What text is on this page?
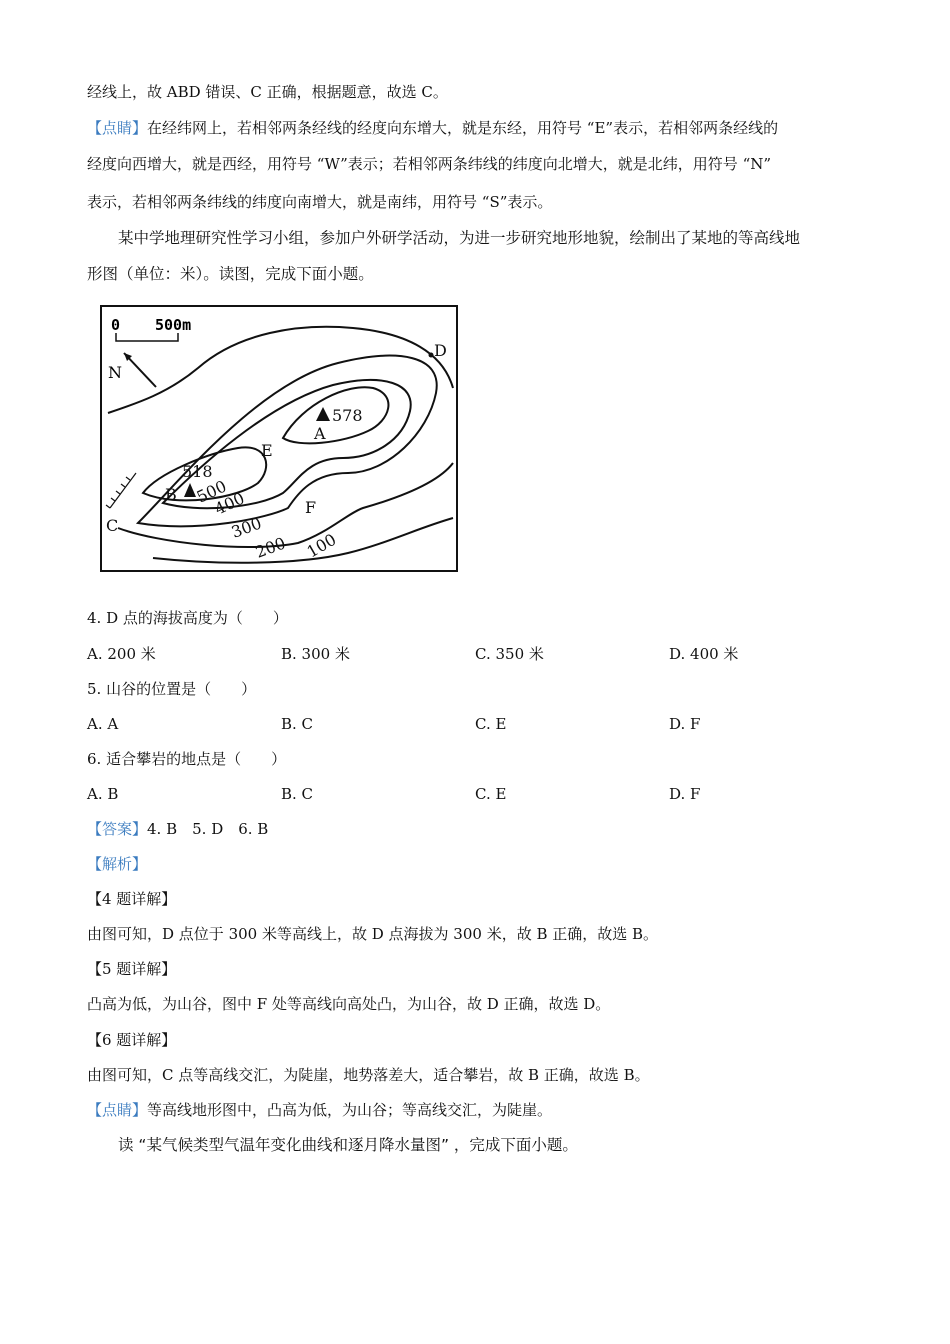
经线上，故 ABD 错误、C 正确，根据题意，故选 C。
【点睛】在经纬网上，若相邻两条经线的经度向东增大，就是东经，用符号 “E”表示，若相邻两条经线的
经度向西增大，就是西经，用符号 “W”表示；若相邻两条纬线的纬度向北增大，就是北纬，用符号 “N”
表示，若相邻两条纬线的纬度向南增大，就是南纬，用符号 “S”表示。
某中学地理研究性学习小组，参加户外研学活动，为进一步研究地形地貌，绘制出了某地的等高线地
形图（单位：米）。读图，完成下面小题。
0 500m
N
578
A
518
B
C
D
E
F
500
400
300
200 100
4. D 点的海拔高度为（　　）
A. 200 米	B. 300 米	C. 350 米	D. 400 米
5. 山谷的位置是（　　）
A. A	B. C	C. E	D. F
6. 适合攀岩的地点是（　　）
A. B	B. C	C. E	D. F
【答案】4. B　5. D　6. B
【解析】
【4 题详解】
由图可知，D 点位于 300 米等高线上，故 D 点海拔为 300 米，故 B 正确，故选 B。
【5 题详解】
凸高为低，为山谷，图中 F 处等高线向高处凸，为山谷，故 D 正确，故选 D。
【6 题详解】
由图可知，C 点等高线交汇，为陡崖，地势落差大，适合攀岩，故 B 正确，故选 B。
【点睛】等高线地形图中，凸高为低，为山谷；等高线交汇，为陡崖。
读 “某气候类型气温年变化曲线和逐月降水量图” ，完成下面小题。
